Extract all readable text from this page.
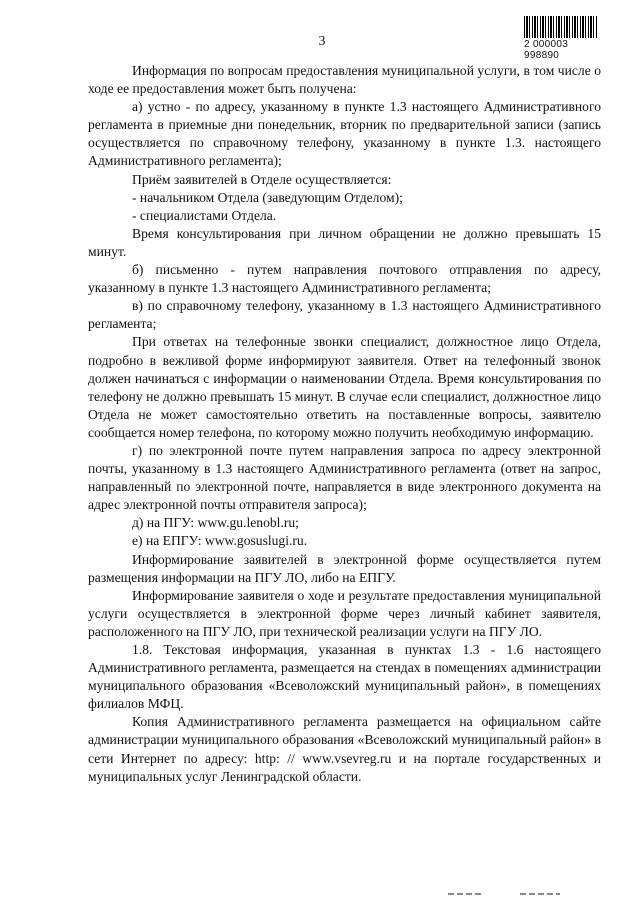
3	2 000003 998890

Информация по вопросам предоставления муниципальной услуги, в том числе о ходе ее предоставления может быть получена:

а) устно - по адресу, указанному в пункте 1.3 настоящего Административного регламента в приемные дни понедельник, вторник по предварительной записи (запись осуществляется по справочному телефону, указанному в пункте 1.3. настоящего Административного регламента);

Приём заявителей в Отделе осуществляется:

- начальником Отдела (заведующим Отделом);

- специалистами Отдела.

Время консультирования при личном обращении не должно превышать 15 минут.

б) письменно - путем направления почтового отправления по адресу, указанному в пункте 1.3 настоящего Административного регламента;

в) по справочному телефону, указанному в 1.3 настоящего Административного регламента;

При ответах на телефонные звонки специалист, должностное лицо Отдела, подробно в вежливой форме информируют заявителя. Ответ на телефонный звонок должен начинаться с информации о наименовании Отдела. Время консультирования по телефону не должно превышать 15 минут. В случае если специалист, должностное лицо Отдела не может самостоятельно ответить на поставленные вопросы, заявителю сообщается номер телефона, по которому можно получить необходимую информацию.

г) по электронной почте путем направления запроса по адресу электронной почты, указанному в 1.3 настоящего Административного регламента (ответ на запрос, направленный по электронной почте, направляется в виде электронного документа на адрес электронной почты отправителя запроса);

д) на ПГУ: www.gu.lenobl.ru;

е) на ЕПГУ: www.gosuslugi.ru.

Информирование заявителей в электронной форме осуществляется путем размещения информации на ПГУ ЛО, либо на ЕПГУ.

Информирование заявителя о ходе и результате предоставления муниципальной услуги осуществляется в электронной форме через личный кабинет заявителя, расположенного на ПГУ ЛО, при технической реализации услуги на ПГУ ЛО.

1.8. Текстовая информация, указанная в пунктах 1.3 - 1.6 настоящего Административного регламента, размещается на стендах в помещениях администрации муниципального образования «Всеволожский муниципальный район», в помещениях филиалов МФЦ.

Копия Административного регламента размещается на официальном сайте администрации муниципального образования «Всеволожский муниципальный район» в сети Интернет по адресу: http: // www.vsevreg.ru и на портале государственных и муниципальных услуг Ленинградской области.
